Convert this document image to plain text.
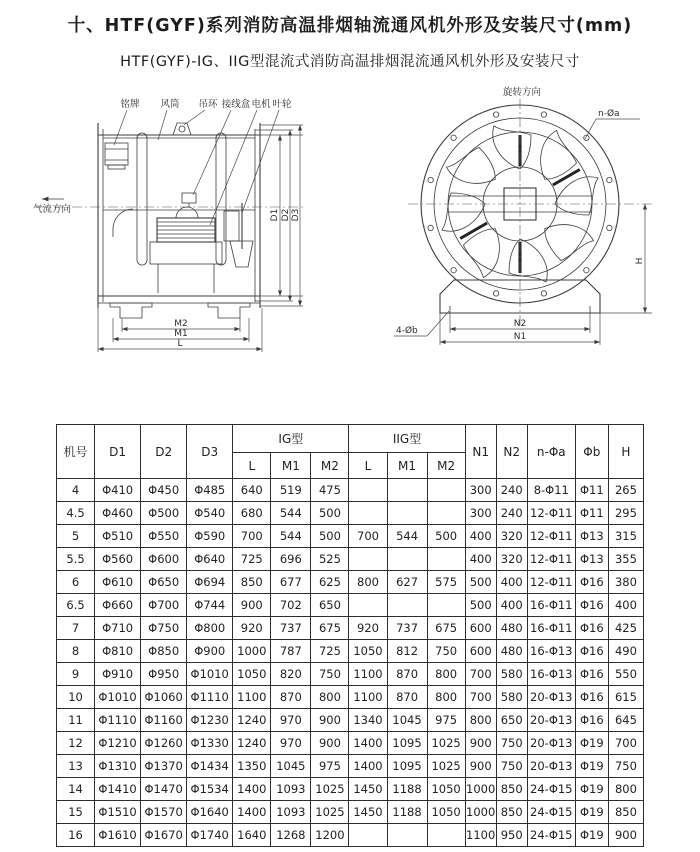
十、HTF(GYF)系列消防高温排烟轴流通风机外形及安装尺寸(mm)
HTF(GYF)-IG、IIG型混流式消防高温排烟混流通风机外形及安装尺寸
铭牌 风筒 吊环 接线盒 电机 叶轮
D1 D2 D3
M2
M1
L
气流方向
旋转方向
n-Øa
4-Øb
N2
N1
H
机号	D1	D2	D3	IG型			IIG型			N1	N2	n-Φa	Φb	H
				L	M1	M2	L	M1	M2					
4	Φ410	Φ450	Φ485	640	519	475				300	240	8-Φ11	Φ11	265
4.5	Φ460	Φ500	Φ540	680	544	500				300	240	12-Φ11	Φ11	295
5	Φ510	Φ550	Φ590	700	544	500	700	544	500	400	320	12-Φ11	Φ13	315
5.5	Φ560	Φ600	Φ640	725	696	525				400	320	12-Φ11	Φ13	355
6	Φ610	Φ650	Φ694	850	677	625	800	627	575	500	400	12-Φ11	Φ16	380
6.5	Φ660	Φ700	Φ744	900	702	650				500	400	16-Φ11	Φ16	400
7	Φ710	Φ750	Φ800	920	737	675	920	737	675	600	480	16-Φ11	Φ16	425
8	Φ810	Φ850	Φ900	1000	787	725	1050	812	750	600	480	16-Φ13	Φ16	490
9	Φ910	Φ950	Φ1010	1050	820	750	1100	870	800	700	580	16-Φ13	Φ16	550
10	Φ1010	Φ1060	Φ1110	1100	870	800	1100	870	800	700	580	20-Φ13	Φ16	615
11	Φ1110	Φ1160	Φ1230	1240	970	900	1340	1045	975	800	650	20-Φ13	Φ16	645
12	Φ1210	Φ1260	Φ1330	1240	970	900	1400	1095	1025	900	750	20-Φ13	Φ19	700
13	Φ1310	Φ1370	Φ1434	1350	1045	975	1400	1095	1025	900	750	20-Φ13	Φ19	750
14	Φ1410	Φ1470	Φ1534	1400	1093	1025	1450	1188	1050	1000	850	24-Φ15	Φ19	800
15	Φ1510	Φ1570	Φ1640	1400	1093	1025	1450	1188	1050	1000	850	24-Φ15	Φ19	850
16	Φ1610	Φ1670	Φ1740	1640	1268	1200				1100	950	24-Φ15	Φ19	900
